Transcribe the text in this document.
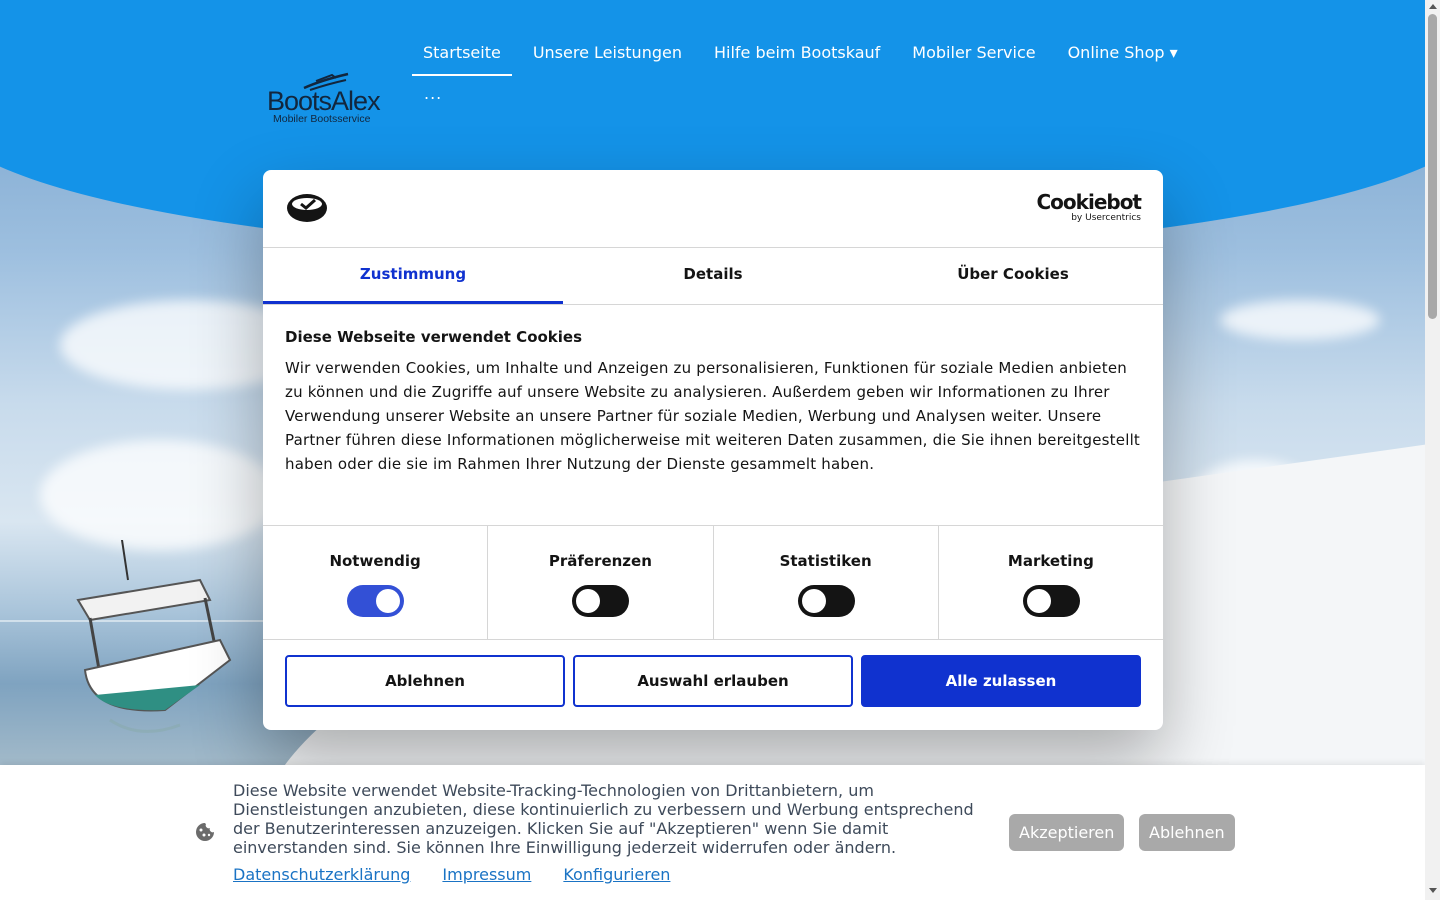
BootsAlex
Mobiler Bootsservice
Startseite	Unsere Leistungen	Hilfe beim Bootskauf	Mobiler Service	Online Shop ▾
...
Cookiebot
by Usercentrics
Zustimmung	Details	Über Cookies
Diese Webseite verwendet Cookies
Wir verwenden Cookies, um Inhalte und Anzeigen zu personalisieren, Funktionen für soziale Medien anbieten zu können und die Zugriffe auf unsere Website zu analysieren. Außerdem geben wir Informationen zu Ihrer Verwendung unserer Website an unsere Partner für soziale Medien, Werbung und Analysen weiter. Unsere Partner führen diese Informationen möglicherweise mit weiteren Daten zusammen, die Sie ihnen bereitgestellt haben oder die sie im Rahmen Ihrer Nutzung der Dienste gesammelt haben.
Notwendig	Präferenzen	Statistiken	Marketing
Ablehnen	Auswahl erlauben	Alle zulassen
Diese Website verwendet Website-Tracking-Technologien von Drittanbietern, um Dienstleistungen anzubieten, diese kontinuierlich zu verbessern und Werbung entsprechend der Benutzerinteressen anzuzeigen. Klicken Sie auf "Akzeptieren" wenn Sie damit einverstanden sind. Sie können Ihre Einwilligung jederzeit widerrufen oder ändern.
Datenschutzerklärung Impressum Konfigurieren
Akzeptieren	Ablehnen
